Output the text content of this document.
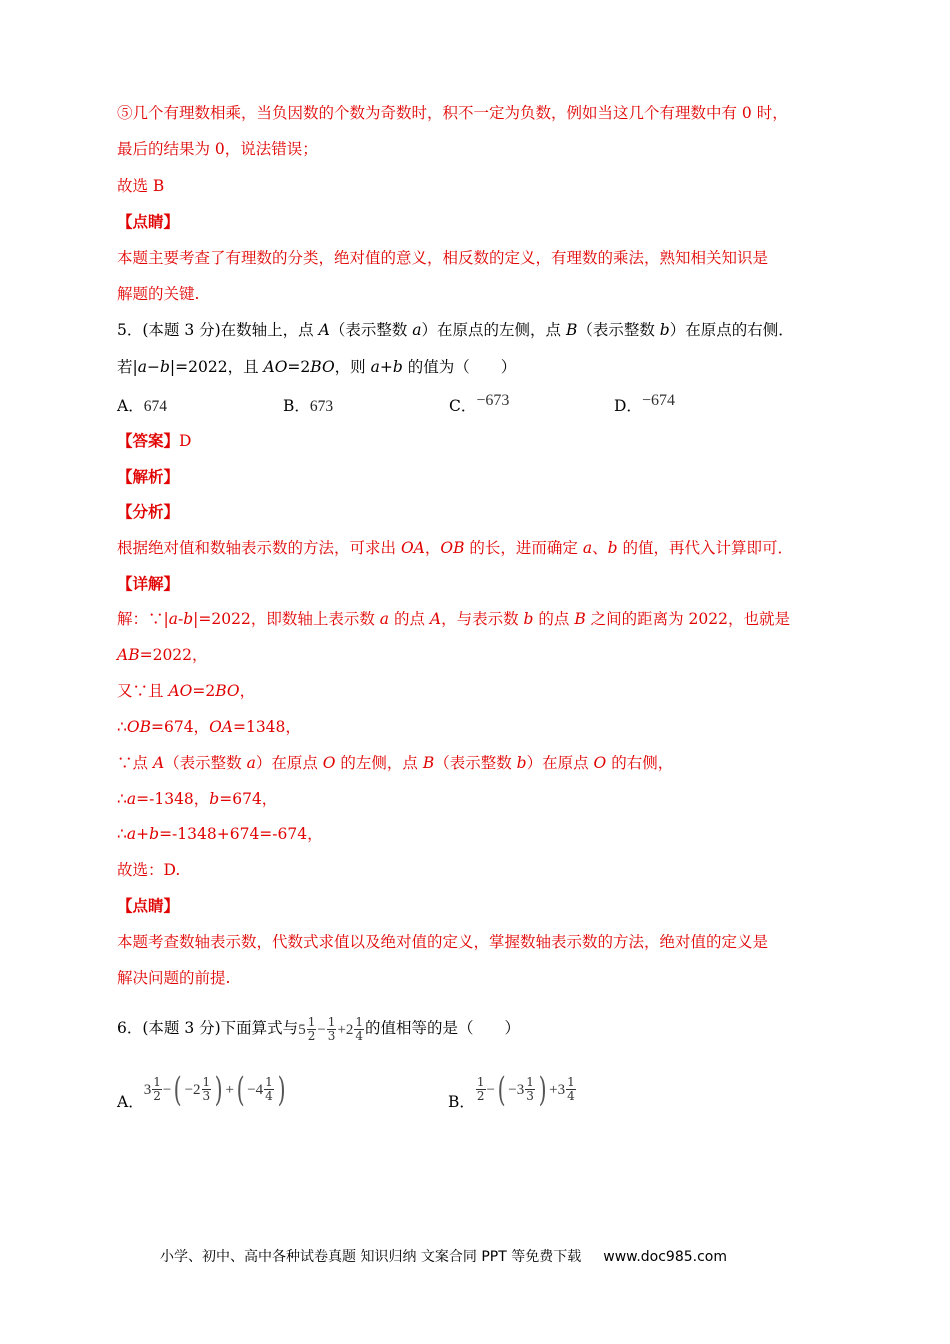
⑤几个有理数相乘，当负因数的个数为奇数时，积不一定为负数，例如当这几个有理数中有 0 时，
最后的结果为 0，说法错误；
故选 B
【点睛】
本题主要考查了有理数的分类，绝对值的意义，相反数的定义，有理数的乘法，熟知相关知识是
解题的关键.
5．(本题 3 分)在数轴上，点 A（表示整数 a）在原点的左侧，点 B（表示整数 b）在原点的右侧．
若|a−b|=2022，且 AO=2BO，则 a+b 的值为（　　）
A．674	B．673	C．−673	D．−674
【答案】D
【解析】
【分析】
根据绝对值和数轴表示数的方法，可求出 OA，OB 的长，进而确定 a、b 的值，再代入计算即可．
【详解】
解：∵|a-b|=2022，即数轴上表示数 a 的点 A，与表示数 b 的点 B 之间的距离为 2022，也就是
AB=2022，
又∵且 AO=2BO，
∴OB=674，OA=1348，
∵点 A（表示整数 a）在原点 O 的左侧，点 B（表示整数 b）在原点 O 的右侧，
∴a=-1348，b=674，
∴a+b=-1348+674=-674，
故选：D.
【点睛】
本题考查数轴表示数，代数式求值以及绝对值的定义，掌握数轴表示数的方法，绝对值的定义是
解决问题的前提.
6．(本题 3 分)下面算式与$5 \frac{1}{2} - \frac{1}{3} +2 \frac{1}{4}$ 的值相等的是（　　）
A．$3 \frac{1}{2}$ −( $-2 \frac{1}{3}$ ) +( $-4 \frac{1}{4}$ )	B． $\frac{1}{2}$ −( $-3 \frac{1}{3}$ ) $+3 \frac{1}{4}$
小学、初中、高中各种试卷真题 知识归纳 文案合同 PPT 等免费下载 www.doc985.com
